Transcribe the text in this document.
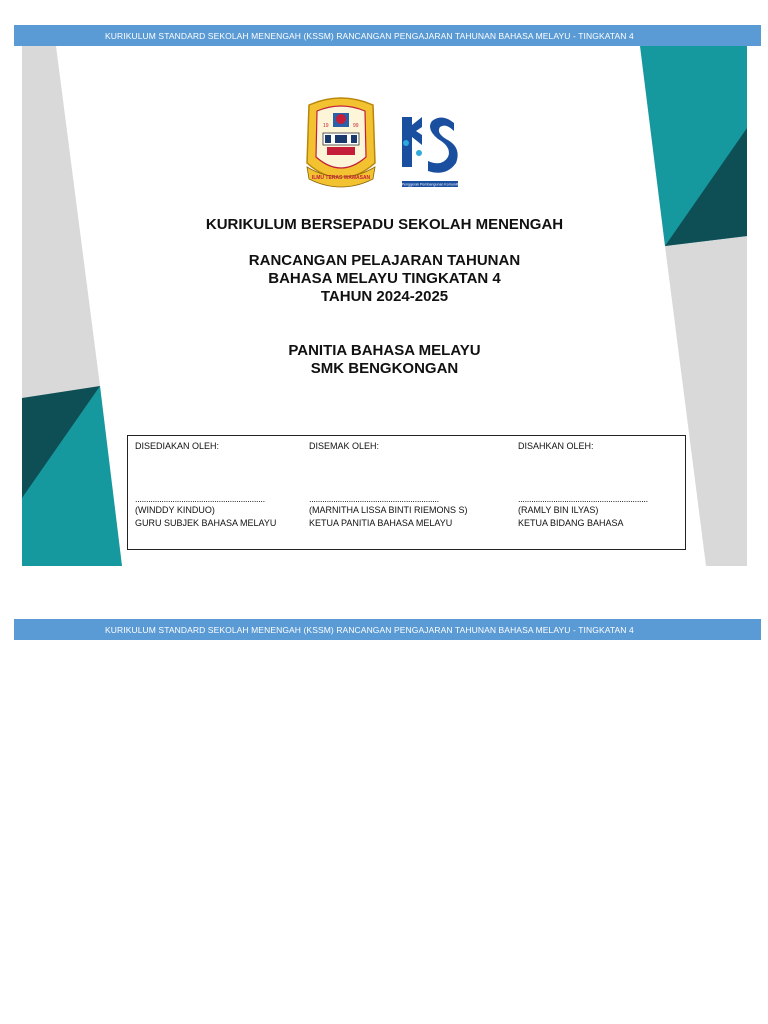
KURIKULUM STANDARD SEKOLAH MENENGAH (KSSM) RANCANGAN PENGAJARAN TAHUNAN BAHASA MELAYU - TINGKATAN 4
19	99
ILMU TERAS WAWASAN
25
Penggerak Pembangunan Komuniti
KURIKULUM BERSEPADU SEKOLAH MENENGAH
RANCANGAN PELAJARAN TAHUNAN
BAHASA MELAYU TINGKATAN 4
TAHUN 2024-2025
PANITIA BAHASA MELAYU
SMK BENGKONGAN
DISEDIAKAN OLEH:
...........................................................
(WINDDY KINDUO)
GURU SUBJEK BAHASA MELAYU
DISEMAK OLEH:
...........................................................
(MARNITHA LISSA BINTI RIEMONS S)
KETUA PANITIA BAHASA MELAYU
DISAHKAN OLEH:
...........................................................
(RAMLY BIN ILYAS)
KETUA BIDANG BAHASA
KURIKULUM STANDARD SEKOLAH MENENGAH (KSSM) RANCANGAN PENGAJARAN TAHUNAN BAHASA MELAYU - TINGKATAN 4
